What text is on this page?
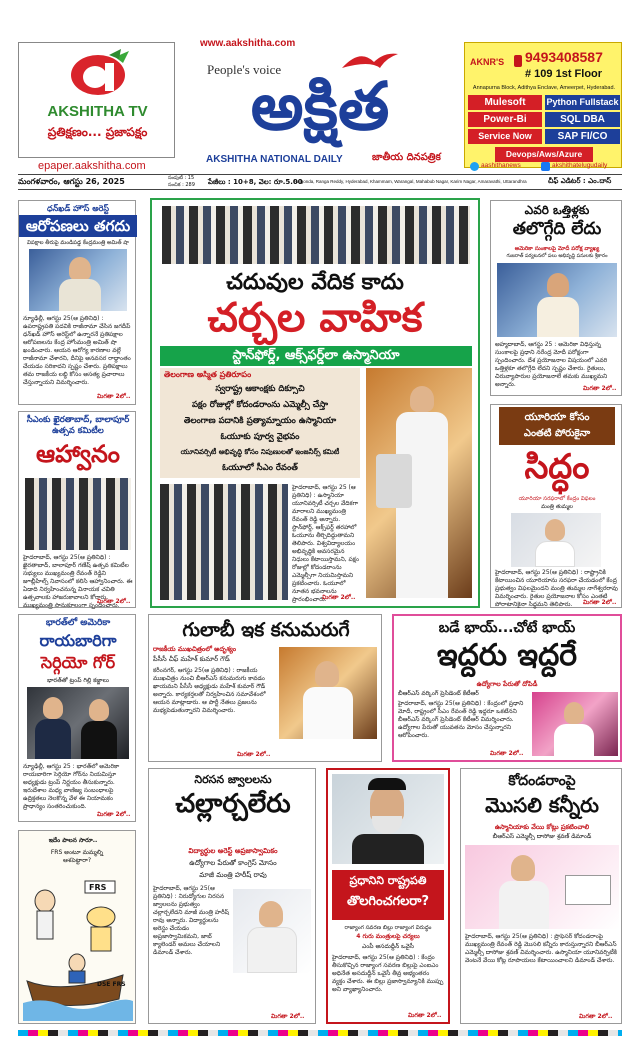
AKSHITHA TV
ప్రతిక్షణం... ప్రజాపక్షం
epaper.aakshitha.com
www.aakshitha.com
People's voice
అక్షిత
AKSHITHA NATIONAL DAILY	జాతీయ దినపత్రిక
AKNR'S 9493408587
# 109 1st Floor
Annapurna Block, Adithya Enclave, Ameerpet, Hyderabad.
Mulesoft	Python Fullstack
Power-Bi	SQL DBA
Service Now	SAP FI/CO
Devops/Aws/Azure
మంగళవారం, ఆగస్టు 26, 2025	సంపుటి : 15
సంచిక : 289 పేజీలు : 10+8, వెల: రూ.5.00
Nalgonda, Ranga Reddy, Hyderabad, Khammam, Warangal, Mahabub Nagar, Karim Nagar, Amaravathi, Uttarandhra	చీఫ్ ఎడిటర్ : ఎం.దాస్
aashithanews	akshithatelugudaily
ధన్‌ఖడ్ హౌస్ అరెస్ట్
ఆరోపణలు తగదు
విపక్షాల తీరుపై మండిపడ్డ కేంద్రమంత్రి అమిత్ షా
న్యూఢిల్లీ, ఆగస్టు 25(ఆ ప్రతినిధి) : ఉపరాష్ట్రపతి పదవికి రాజీనామా చేసిన జగదీప్ ధన్‌ఖడ్ హౌస్ అరెస్ట్‌లో ఉన్నారనే ప్రతిపక్షాల ఆరోపణలను కేంద్ర హోంమంత్రి అమిత్ షా ఖండించారు. ఆయన ఆరోగ్య కారణాల వల్లే రాజీనామా చేశారని, దీనిపై అనవసర రాద్ధాంతం చేయడం సరికాదని స్పష్టం చేశారు. ప్రతిపక్షాలు తమ రాజకీయ లబ్ధి కోసం అసత్య ప్రచారాలు చేస్తున్నాయని విమర్శించారు.
మిగతా 2లో..
సీఎంకు ఖైరతాబాద్, బాలాపూర్ ఉత్సవ కమిటీల
ఆహ్వానం
హైదరాబాద్, ఆగస్టు 25(ఆ ప్రతినిధి) : ఖైరతాబాద్, బాలాపూర్ గణేష్ ఉత్సవ కమిటీల సభ్యులు ముఖ్యమంత్రి రేవంత్ రెడ్డిని జూబ్లీహిల్స్ నివాసంలో కలిసి ఆహ్వానించారు. ఈ ఏడాది నిర్వహించనున్న వినాయక చవితి ఉత్సవాలకు హాజరుకావాలని కోరారు. ముఖ్యమంత్రి సానుకూలంగా స్పందించారు.
మిగతా 2లో..
భారత్‌లో అమెరికా
రాయబారిగా
సెర్గియో గోర్
భారత్‌తో ట్రంప్ గిల్లి కజ్జాలు
న్యూఢిల్లీ, ఆగస్టు 25 : భారత్‌లో అమెరికా రాయబారిగా సెర్గియో గోర్‌ను నియమిస్తూ అధ్యక్షుడు ట్రంప్ నిర్ణయం తీసుకున్నారు. ఇరుదేశాల మధ్య వాణిజ్య సంబంధాలపై ఉద్రిక్తతలు నెలకొన్న వేళ ఈ నియామకం ప్రాధాన్యం సంతరించుకుంది.
మిగతా 2లో..
ఇదేం పాలన సారూ..
FRS అంటూ మమ్మల్ని ఆశపెట్టారా?
FRS
DSE FRS
చదువుల వేదిక కాదు
చర్చల వాహిక
స్టాన్‌ఫోర్డ్, ఆక్స్‌ఫర్డ్‌లా ఉస్మానియా
తెలంగాణ అస్మిత ప్రతిరూపం
స్వరాష్ట్ర ఆకాంక్షకు దిక్సూచి
పక్షం రోజుల్లో కోదండరాంను ఎమ్మెల్సీ చేస్తా
తెలంగాణ పదానికి ప్రత్యామ్నాయం ఉస్మానియా
ఓయూకు పూర్వ వైభవం
యూనివర్సిటీ అభివృద్ధి కోసం నిపుణులతో ఇంజనీర్స్ కమిటీ
ఓయూలో సీఎం రేవంత్
హైదరాబాద్, ఆగస్టు 25 (ఆ ప్రతినిధి) : ఉస్మానియా యూనివర్సిటీ చర్చల వేదికగా మారాలని ముఖ్యమంత్రి రేవంత్ రెడ్డి అన్నారు. స్టాన్‌ఫోర్డ్, ఆక్స్‌ఫర్డ్ తరహాలో ఓయూను తీర్చిదిద్దుతామని తెలిపారు. విశ్వవిద్యాలయం అభివృద్ధికి అవసరమైన నిధులు కేటాయిస్తామని, పక్షం రోజుల్లో కోదండరాంను ఎమ్మెల్సీగా నియమిస్తామని ప్రకటించారు. ఓయూలో నూతన భవనాలను ప్రారంభించారు.
మిగతా 2లో..
ఎవరి ఒత్తిళ్లకు
తలొగ్గేది లేదు
అమెరికా సుంకాలపై మోదీ పరోక్ష వ్యాఖ్య
గుజరాత్ పర్యటనలో పలు అభివృద్ధి పనులకు శ్రీకారం
అహ్మదాబాద్, ఆగస్టు 25 : అమెరికా విధిస్తున్న సుంకాలపై ప్రధాని నరేంద్ర మోదీ పరోక్షంగా స్పందించారు. దేశ ప్రయోజనాల విషయంలో ఎవరి ఒత్తిళ్లకూ తలొగ్గేది లేదని స్పష్టం చేశారు. రైతులు, చిరువ్యాపారుల ప్రయోజనాలే తమకు ముఖ్యమని అన్నారు.
మిగతా 2లో..
యూరియా కోసం
ఎంతటి పోరుకైనా
సిద్ధం
యూరియా సరఫరాలో కేంద్రం విఫలం
మంత్రి తుమ్మల
హైదరాబాద్, ఆగస్టు 25(ఆ ప్రతినిధి) : రాష్ట్రానికి కేటాయించిన యూరియాను సరఫరా చేయడంలో కేంద్ర ప్రభుత్వం విఫలమైందని మంత్రి తుమ్మల నాగేశ్వరరావు విమర్శించారు. రైతుల ప్రయోజనాల కోసం ఎంతటి పోరాటానికైనా సిద్ధమని తెలిపారు.	మిగతా 2లో..
గులాబీ ఇక కనుమరుగే
రాజకీయ ముఖచిత్రంలో అదృశ్యం
పీసీసీ చీఫ్ మహేశ్ కుమార్ గౌడ్
కరీంనగర్, ఆగస్టు 25(ఆ ప్రతినిధి) : రాజకీయ ముఖచిత్రం నుంచి బీఆర్ఎస్ కనుమరుగు కావడం ఖాయమని పీసీసీ అధ్యక్షుడు మహేశ్ కుమార్ గౌడ్ అన్నారు. కార్యకర్తలతో నిర్వహించిన సమావేశంలో ఆయన మాట్లాడారు. ఆ పార్టీ నేతలు ప్రజలను మభ్యపెడుతున్నారని విమర్శించారు.
మిగతా 2లో..
బడే భాయ్...చోటే భాయ్
ఇద్దరు ఇద్దరే
ఉద్యోగాల పేరుతో దోపిడీ
బీఆర్ఎస్ వర్కింగ్ ప్రెసిడెంట్ కేటీఆర్
హైదరాబాద్, ఆగస్టు 25(ఆ ప్రతినిధి) : కేంద్రంలో ప్రధాని మోదీ, రాష్ట్రంలో సీఎం రేవంత్ రెడ్డి ఇద్దరూ ఒకటేనని బీఆర్ఎస్ వర్కింగ్ ప్రెసిడెంట్ కేటీఆర్ విమర్శించారు. ఉద్యోగాల పేరుతో యువతను మోసం చేస్తున్నారని ఆరోపించారు.
మిగతా 2లో..
నిరసన జ్వాలలను
చల్లార్చలేరు
విద్యార్థుల అరెస్ట్ అప్రజాస్వామికం
ఉద్యోగాల పేరుతో కాంగ్రెస్ మోసం
మాజీ మంత్రి హరీష్ రావు
హైదరాబాద్, ఆగస్టు 25(ఆ ప్రతినిధి) : నిరుద్యోగుల నిరసన జ్వాలలను ప్రభుత్వం చల్లార్చలేదని మాజీ మంత్రి హరీష్ రావు అన్నారు. విద్యార్థులను అరెస్టు చేయడం అప్రజాస్వామికమని, జాబ్ క్యాలెండర్ అమలు చేయాలని డిమాండ్ చేశారు.
మిగతా 2లో..
ప్రధానిని రాష్ట్రపతి
తొలగించగలరా?
రాజ్యాంగ సవరణ బిల్లు రాజ్యాంగ విరుద్ధం
4 గురు మంత్రులపై చర్యలు
ఎంపీ అసదుద్దీన్ ఒవైసీ
హైదరాబాద్, ఆగస్టు 25(ఆ ప్రతినిధి) : కేంద్రం తీసుకొచ్చిన రాజ్యాంగ సవరణ బిల్లుపై ఎంఐఎం అధినేత అసదుద్దీన్ ఒవైసీ తీవ్ర అభ్యంతరం వ్యక్తం చేశారు. ఈ బిల్లు ప్రజాస్వామ్యానికి ముప్పు అని వ్యాఖ్యానించారు.
మిగతా 2లో..
కోదండరాంపై
మొసలి కన్నీరు
ఉస్మానియాకు వేయి కోట్లు ప్రకటించాలి
బీఆర్ఎస్ ఎమ్మెల్సీ దాసోజు శ్రవణ్ డిమాండ్
హైదరాబాద్, ఆగస్టు 25(ఆ ప్రతినిధి) : ప్రొఫెసర్ కోదండరాంపై ముఖ్యమంత్రి రేవంత్ రెడ్డి మొసలి కన్నీరు కారుస్తున్నారని బీఆర్ఎస్ ఎమ్మెల్సీ దాసోజు శ్రవణ్ విమర్శించారు. ఉస్మానియా యూనివర్సిటీకి వెంటనే వేయి కోట్ల రూపాయలు కేటాయించాలని డిమాండ్ చేశారు.
మిగతా 2లో..
